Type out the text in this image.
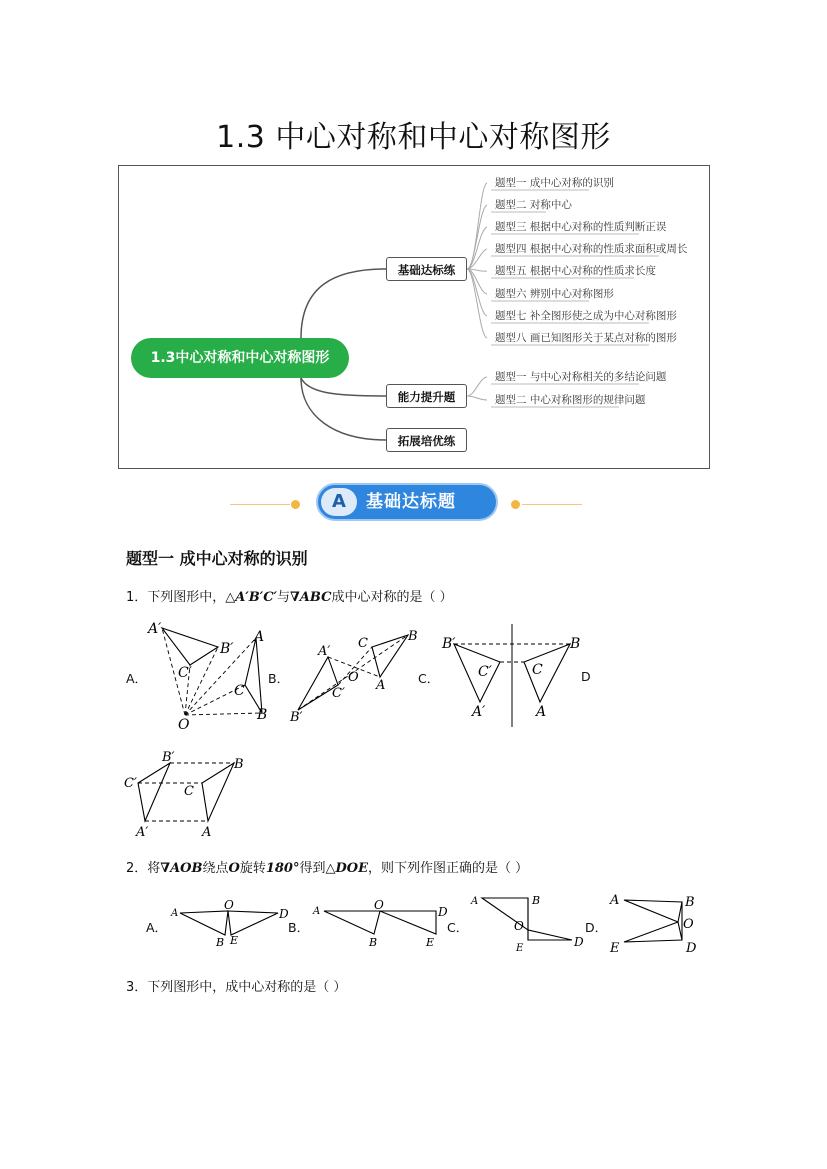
1.3 中心对称和中心对称图形
1.3中心对称和中心对称图形
基础达标练
能力提升题
拓展培优练
题型一 成中心对称的识别
题型二 对称中心
题型三 根据中心对称的性质判断正误
题型四 根据中心对称的性质求面积或周长
题型五 根据中心对称的性质求长度
题型六 辨别中心对称图形
题型七 补全图形使之成为中心对称图形
题型八 画已知图形关于某点对称的图形
题型一 与中心对称相关的多结论问题
题型二 中心对称图形的规律问题
A	基础达标题
题型一 成中心对称的识别
1．下列图形中，△A′B′C′与∇ABC成中心对称的是（ ）
A．	B．	C．	D
A′
B′
C′
A
C
B
O
A′
C′
B′
C	B
A
O
B′
C′
A′
B
C
A
C′
B′
A′
B
C
A
2．将∇AOB绕点O旋转180°得到△DOE，则下列作图正确的是（ ）
A．	B．	C．	D．
A
O
D
B E
A	O	D
B	E
A	B
O
D
E
A	B
O
E	D
3．下列图形中，成中心对称的是（ ）
